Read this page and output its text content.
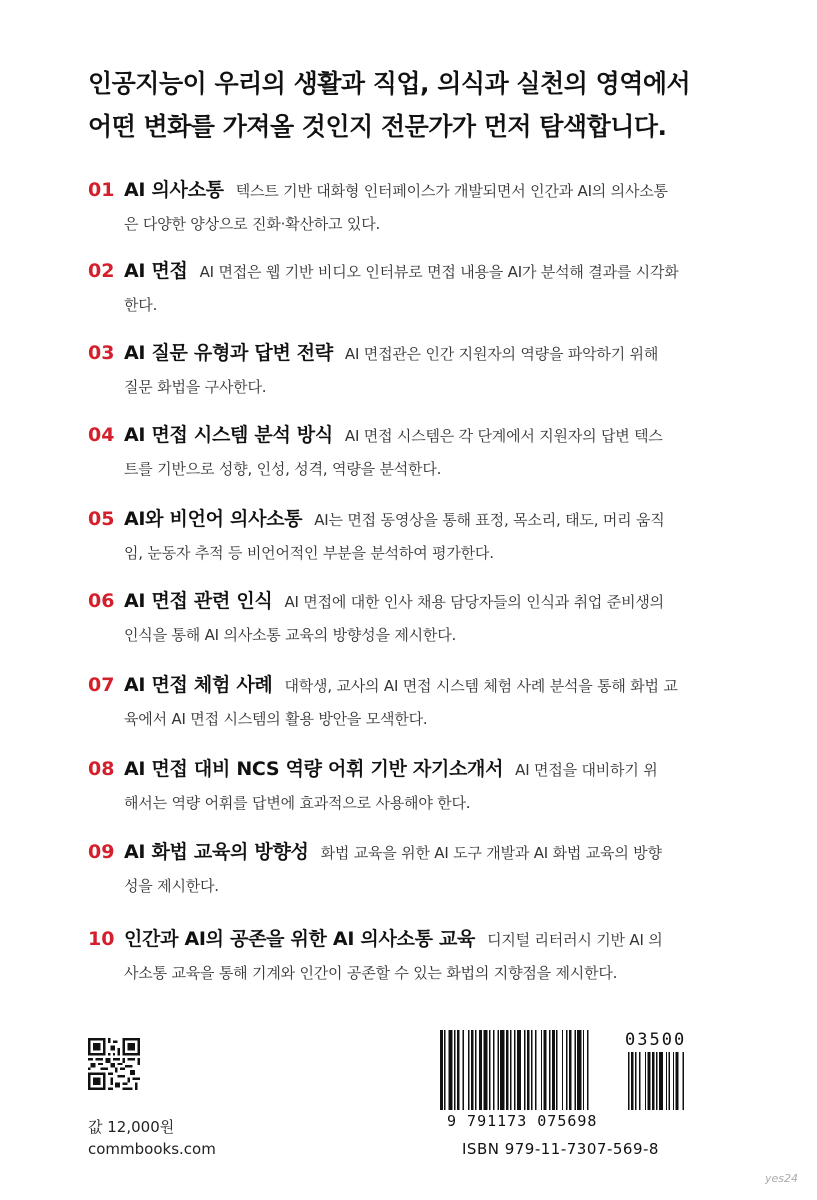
인공지능이 우리의 생활과 직업, 의식과 실천의 영역에서
어떤 변화를 가져올 것인지 전문가가 먼저 탐색합니다.
01 AI 의사소통 텍스트 기반 대화형 인터페이스가 개발되면서 인간과 AI의 의사소통
은 다양한 양상으로 진화·확산하고 있다.
02 AI 면접 AI 면접은 웹 기반 비디오 인터뷰로 면접 내용을 AI가 분석해 결과를 시각화
한다.
03 AI 질문 유형과 답변 전략 AI 면접관은 인간 지원자의 역량을 파악하기 위해
질문 화법을 구사한다.
04 AI 면접 시스템 분석 방식 AI 면접 시스템은 각 단계에서 지원자의 답변 텍스
트를 기반으로 성향, 인성, 성격, 역량을 분석한다.
05 AI와 비언어 의사소통 AI는 면접 동영상을 통해 표정, 목소리, 태도, 머리 움직
임, 눈동자 추적 등 비언어적인 부분을 분석하여 평가한다.
06 AI 면접 관련 인식 AI 면접에 대한 인사 채용 담당자들의 인식과 취업 준비생의
인식을 통해 AI 의사소통 교육의 방향성을 제시한다.
07 AI 면접 체험 사례 대학생, 교사의 AI 면접 시스템 체험 사례 분석을 통해 화법 교
육에서 AI 면접 시스템의 활용 방안을 모색한다.
08 AI 면접 대비 NCS 역량 어휘 기반 자기소개서 AI 면접을 대비하기 위
해서는 역량 어휘를 답변에 효과적으로 사용해야 한다.
09 AI 화법 교육의 방향성 화법 교육을 위한 AI 도구 개발과 AI 화법 교육의 방향
성을 제시한다.
10 인간과 AI의 공존을 위한 AI 의사소통 교육 디지털 리터러시 기반 AI 의
사소통 교육을 통해 기계와 인간이 공존할 수 있는 화법의 지향점을 제시한다.
값 12,000원
commbooks.com
03500
9 791173 075698
ISBN 979-11-7307-569-8
yes24
